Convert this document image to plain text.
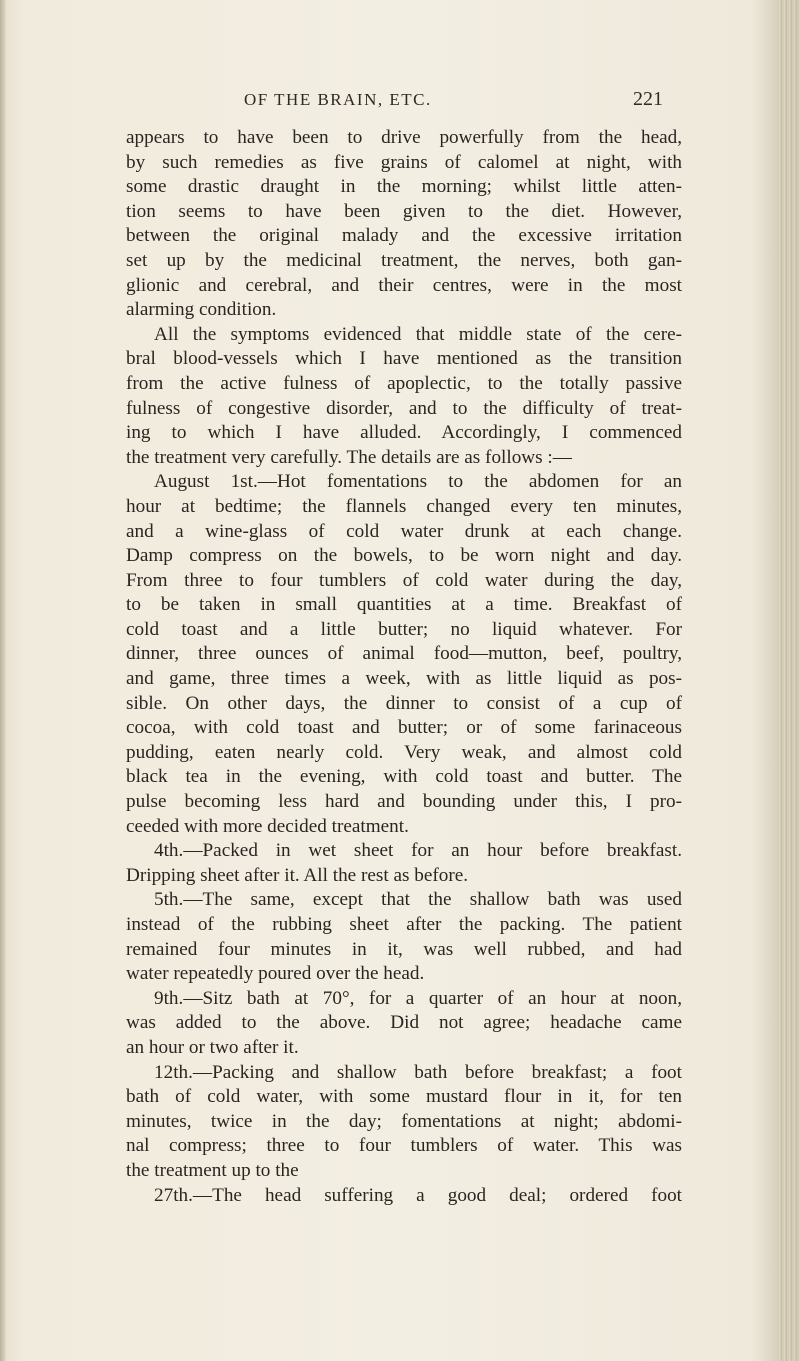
OF THE BRAIN, ETC.	221
appears to have been to drive powerfully from the head,
by such remedies as five grains of calomel at night, with
some drastic draught in the morning; whilst little atten-
tion seems to have been given to the diet. However,
between the original malady and the excessive irritation
set up by the medicinal treatment, the nerves, both gan-
glionic and cerebral, and their centres, were in the most
alarming condition.
All the symptoms evidenced that middle state of the cere-
bral blood-vessels which I have mentioned as the transition
from the active fulness of apoplectic, to the totally passive
fulness of congestive disorder, and to the difficulty of treat-
ing to which I have alluded. Accordingly, I commenced
the treatment very carefully. The details are as follows :—
August 1st.—Hot fomentations to the abdomen for an
hour at bedtime; the flannels changed every ten minutes,
and a wine-glass of cold water drunk at each change.
Damp compress on the bowels, to be worn night and day.
From three to four tumblers of cold water during the day,
to be taken in small quantities at a time. Breakfast of
cold toast and a little butter; no liquid whatever. For
dinner, three ounces of animal food—mutton, beef, poultry,
and game, three times a week, with as little liquid as pos-
sible. On other days, the dinner to consist of a cup of
cocoa, with cold toast and butter; or of some farinaceous
pudding, eaten nearly cold. Very weak, and almost cold
black tea in the evening, with cold toast and butter. The
pulse becoming less hard and bounding under this, I pro-
ceeded with more decided treatment.
4th.—Packed in wet sheet for an hour before breakfast.
Dripping sheet after it. All the rest as before.
5th.—The same, except that the shallow bath was used
instead of the rubbing sheet after the packing. The patient
remained four minutes in it, was well rubbed, and had
water repeatedly poured over the head.
9th.—Sitz bath at 70°, for a quarter of an hour at noon,
was added to the above. Did not agree; headache came
an hour or two after it.
12th.—Packing and shallow bath before breakfast; a foot
bath of cold water, with some mustard flour in it, for ten
minutes, twice in the day; fomentations at night; abdomi-
nal compress; three to four tumblers of water. This was
the treatment up to the
27th.—The head suffering a good deal; ordered foot
